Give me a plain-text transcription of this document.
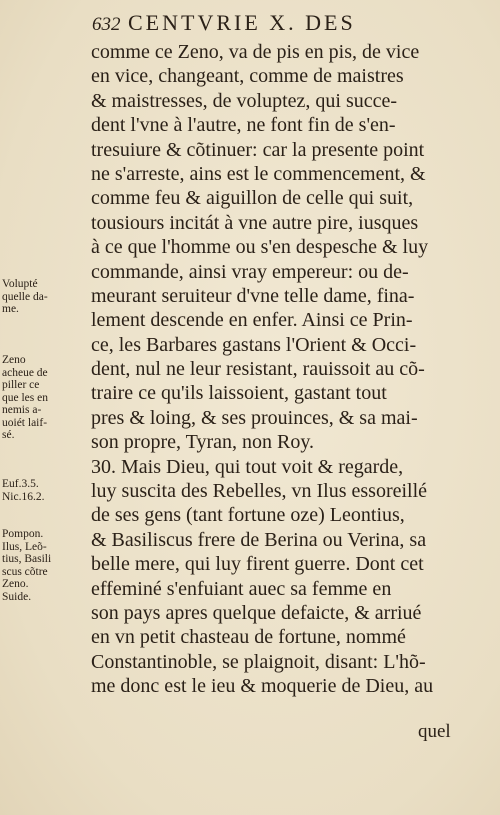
632 CENTVRIE X. DES
comme ce Zeno, va de pis en pis, de vice
en vice, changeant, comme de maistres
& maistresses, de voluptez, qui succe-
dent l'vne à l'autre, ne font fin de s'en-
tresuiure & cõtinuer: car la presente point
ne s'arreste, ains est le commencement, &
comme feu & aiguillon de celle qui suit,
tousiours incitát à vne autre pire, iusques
à ce que l'homme ou s'en despesche & luy
commande, ainsi vray empereur: ou de-
meurant seruiteur d'vne telle dame, fina-
lement descende en enfer. Ainsi ce Prin-
ce, les Barbares gastans l'Orient & Occi-
dent, nul ne leur resistant, rauissoit au cõ-
traire ce qu'ils laissoient, gastant tout
pres & loing, & ses prouinces, & sa mai-
son propre, Tyran, non Roy.
30. Mais Dieu, qui tout voit & regarde,
luy suscita des Rebelles, vn Ilus essoreillé
de ses gens (tant fortune oze) Leontius,
& Basiliscus frere de Berina ou Verina, sa
belle mere, qui luy firent guerre. Dont cet
effeminé s'enfuiant auec sa femme en
son pays apres quelque defaicte, & arriué
en vn petit chasteau de fortune, nommé
Constantinoble, se plaignoit, disant: L'hõ-
me donc est le ieu & moquerie de Dieu, au
quel
Volupté
quelle da-
me.
Zeno
acheue de
piller ce
que les en
nemis a-
uoiét laif-
sé.
Euf.3.5.
Nic.16.2.
Pompon.
Ilus, Leõ-
tius, Basili
scus cõtre
Zeno.
Suide.
